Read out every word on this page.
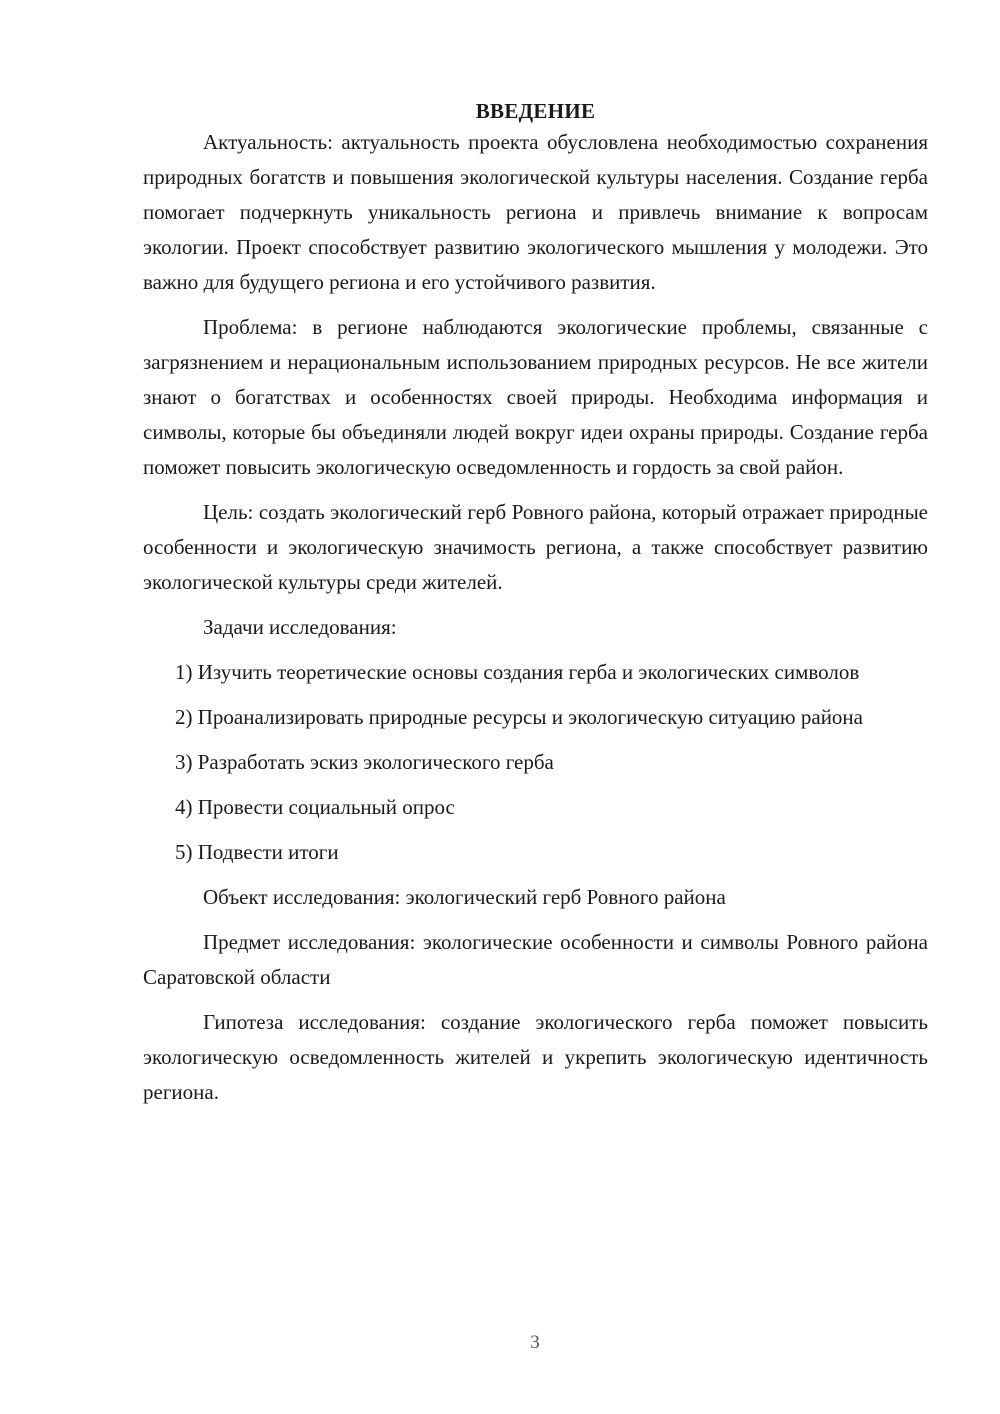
ВВЕДЕНИЕ

Актуальность: актуальность проекта обусловлена необходимостью сохранения природных богатств и повышения экологической культуры населения. Создание герба помогает подчеркнуть уникальность региона и привлечь внимание к вопросам экологии. Проект способствует развитию экологического мышления у молодежи. Это важно для будущего региона и его устойчивого развития.

Проблема: в регионе наблюдаются экологические проблемы, связанные с загрязнением и нерациональным использованием природных ресурсов. Не все жители знают о богатствах и особенностях своей природы. Необходима информация и символы, которые бы объединяли людей вокруг идеи охраны природы. Создание герба поможет повысить экологическую осведомленность и гордость за свой район.

Цель: создать экологический герб Ровного района, который отражает природные особенности и экологическую значимость региона, а также способствует развитию экологической культуры среди жителей.

Задачи исследования:

1) Изучить теоретические основы создания герба и экологических символов

2) Проанализировать природные ресурсы и экологическую ситуацию района

3) Разработать эскиз экологического герба

4) Провести социальный опрос

5) Подвести итоги

Объект исследования: экологический герб Ровного района

Предмет исследования: экологические особенности и символы Ровного района Саратовской области

Гипотеза исследования: создание экологического герба поможет повысить экологическую осведомленность жителей и укрепить экологическую идентичность региона.

3
